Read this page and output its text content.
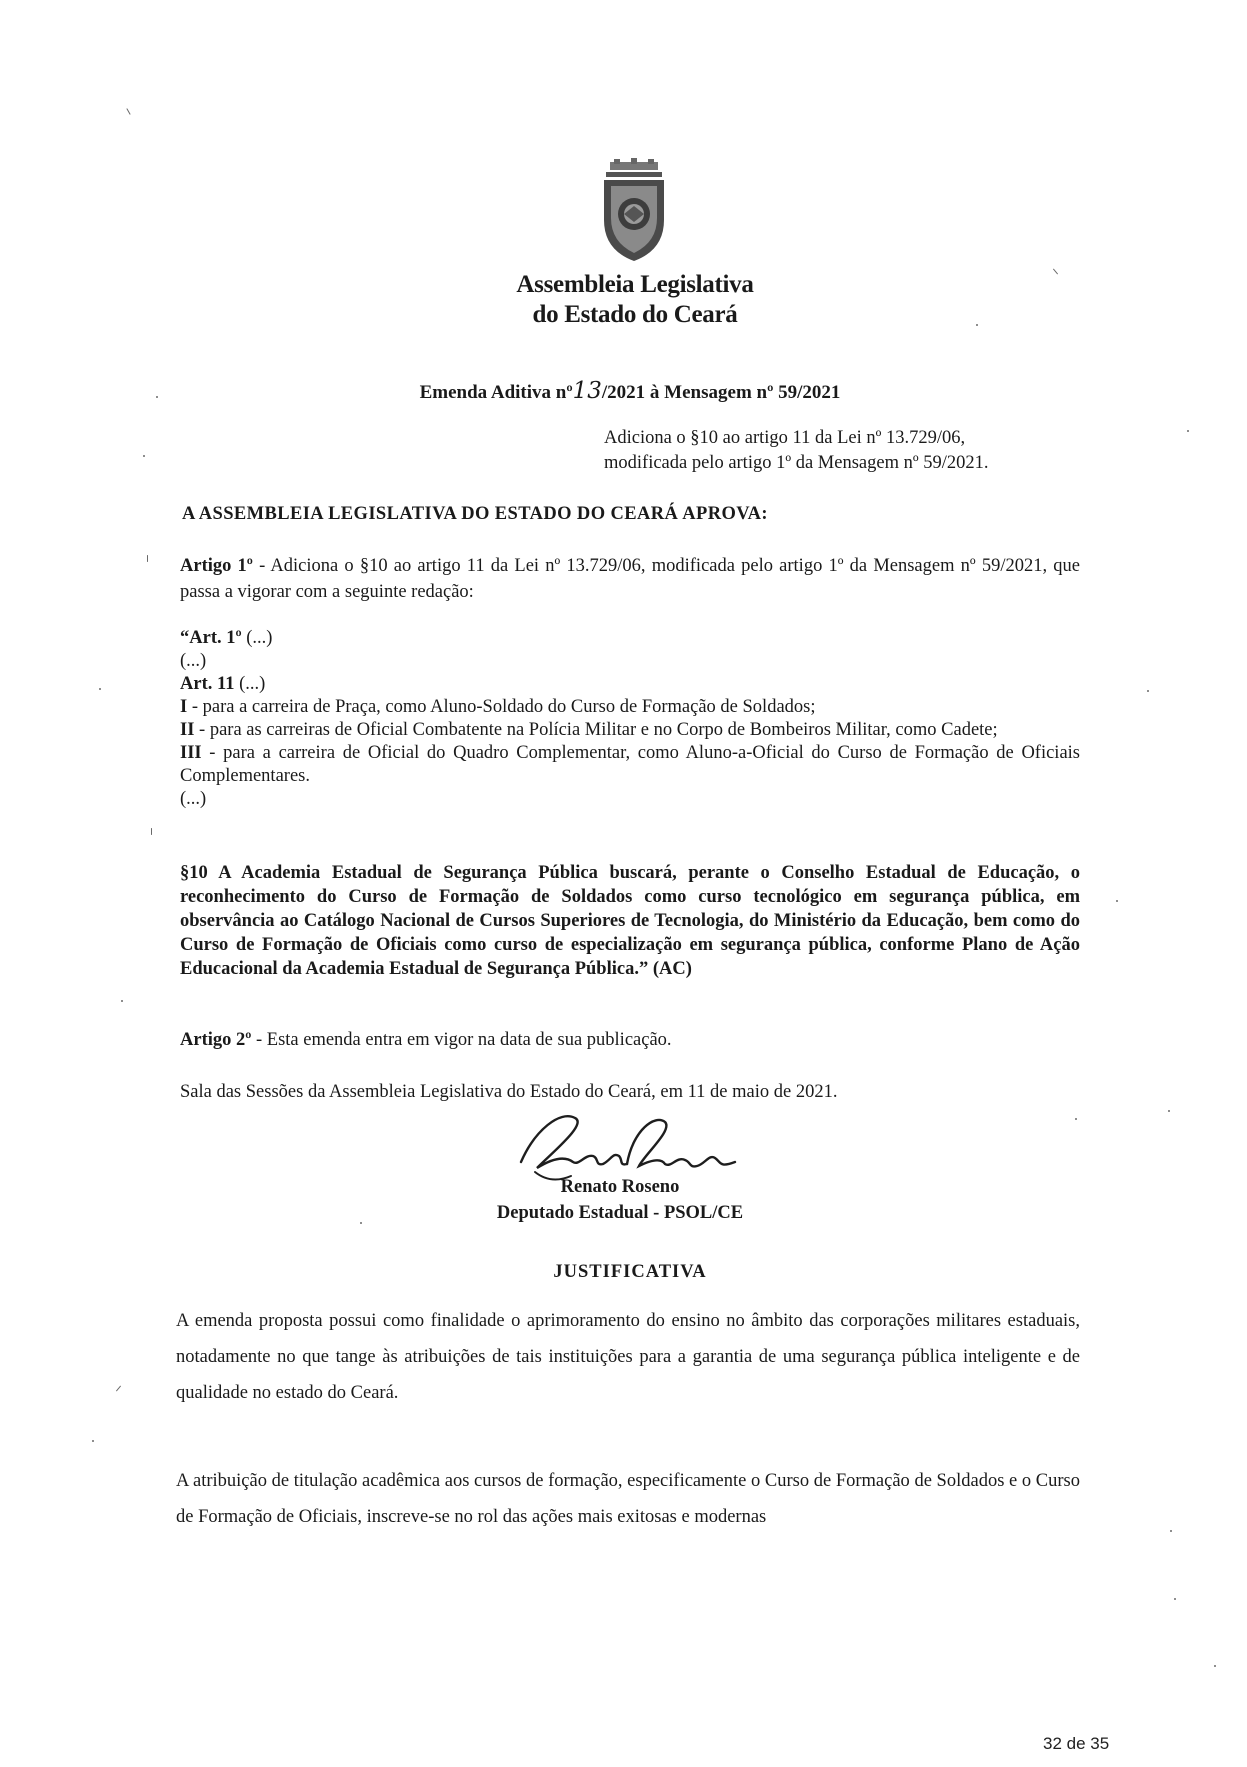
Assembleia Legislativa
do Estado do Ceará
Emenda Aditiva nº13/2021 à Mensagem nº 59/2021
Adiciona o §10 ao artigo 11 da Lei nº 13.729/06,
modificada pelo artigo 1º da Mensagem nº 59/2021.
A ASSEMBLEIA LEGISLATIVA DO ESTADO DO CEARÁ APROVA:
Artigo 1º - Adiciona o §10 ao artigo 11 da Lei nº 13.729/06, modificada pelo artigo 1º da Mensagem nº 59/2021, que passa a vigorar com a seguinte redação:
“Art. 1º (...)
(...)
Art. 11 (...)
I - para a carreira de Praça, como Aluno-Soldado do Curso de Formação de Soldados;
II - para as carreiras de Oficial Combatente na Polícia Militar e no Corpo de Bombeiros Militar, como Cadete;
III - para a carreira de Oficial do Quadro Complementar, como Aluno-a-Oficial do Curso de Formação de Oficiais Complementares.
(...)
§10 A Academia Estadual de Segurança Pública buscará, perante o Conselho Estadual de Educação, o reconhecimento do Curso de Formação de Soldados como curso tecnológico em segurança pública, em observância ao Catálogo Nacional de Cursos Superiores de Tecnologia, do Ministério da Educação, bem como do Curso de Formação de Oficiais como curso de especialização em segurança pública, conforme Plano de Ação Educacional da Academia Estadual de Segurança Pública.” (AC)
Artigo 2º - Esta emenda entra em vigor na data de sua publicação.
Sala das Sessões da Assembleia Legislativa do Estado do Ceará, em 11 de maio de 2021.
Renato Roseno
Deputado Estadual - PSOL/CE
JUSTIFICATIVA
A emenda proposta possui como finalidade o aprimoramento do ensino no âmbito das corporações militares estaduais, notadamente no que tange às atribuições de tais instituições para a garantia de uma segurança pública inteligente e de qualidade no estado do Ceará.
A atribuição de titulação acadêmica aos cursos de formação, especificamente o Curso de Formação de Soldados e o Curso de Formação de Oficiais, inscreve-se no rol das ações mais exitosas e modernas
32 de 35
